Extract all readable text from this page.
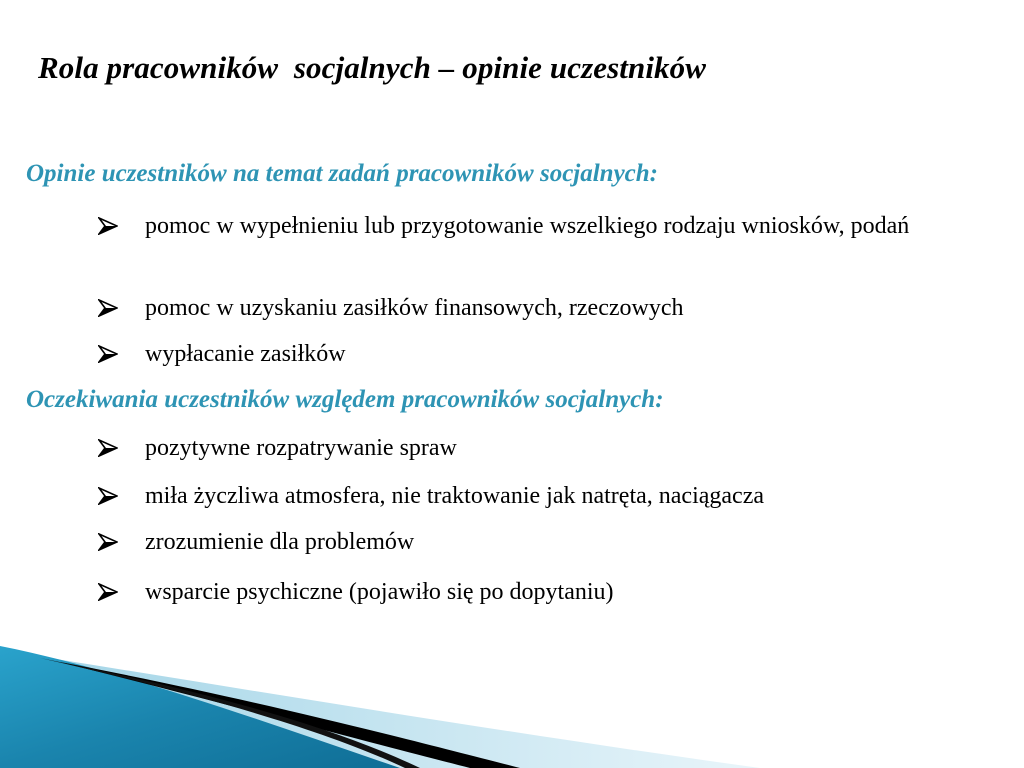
Rola pracowników  socjalnych – opinie uczestników
Opinie uczestników na temat zadań pracowników socjalnych:
pomoc w wypełnieniu lub przygotowanie wszelkiego rodzaju wniosków, podań
pomoc w uzyskaniu zasiłków finansowych, rzeczowych
wypłacanie zasiłków
Oczekiwania uczestników względem pracowników socjalnych:
pozytywne rozpatrywanie spraw
miła życzliwa atmosfera, nie traktowanie jak natręta, naciągacza
zrozumienie dla problemów
wsparcie psychiczne (pojawiło się po dopytaniu)
